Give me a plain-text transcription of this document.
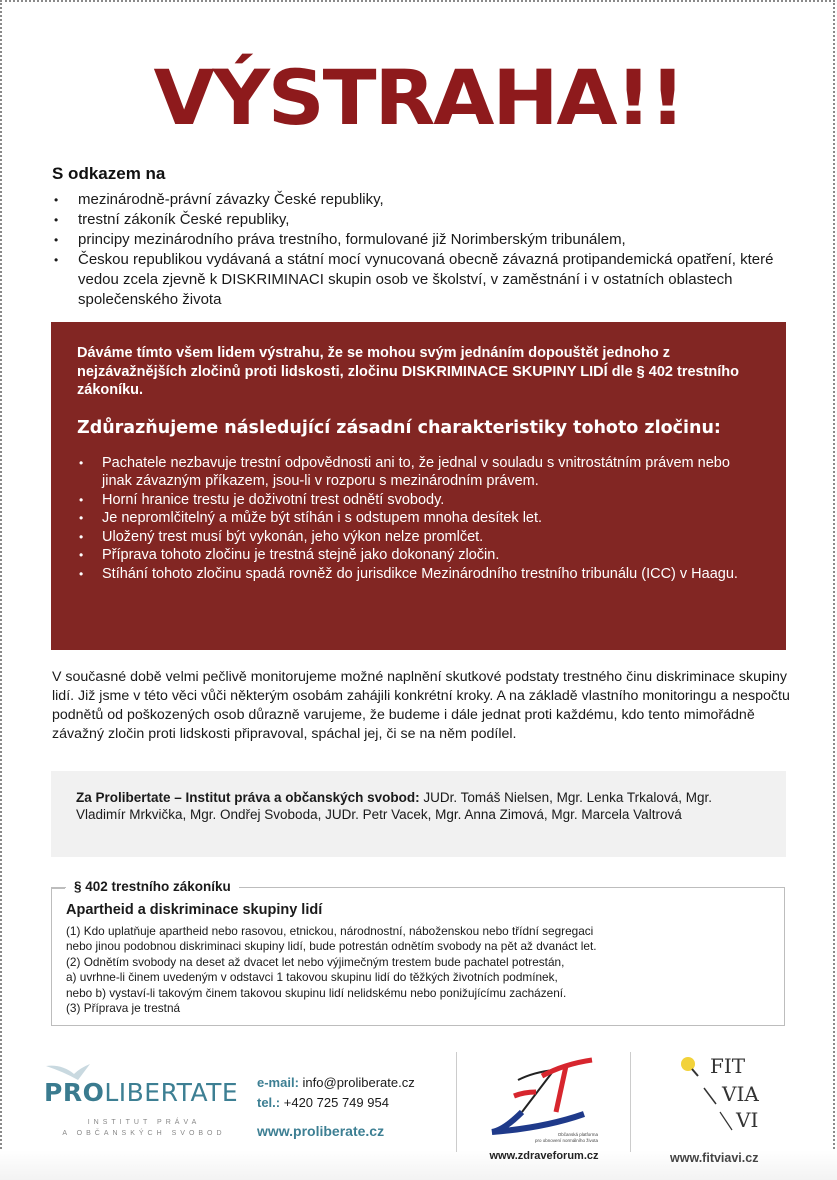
VÝSTRAHA!!
S odkazem na
• mezinárodně-právní závazky České republiky,
• trestní zákoník České republiky,
• principy mezinárodního práva trestního, formulované již Norimberským tribunálem,
• Českou republikou vydávaná a státní mocí vynucovaná obecně závazná protipandemická opatření, které vedou zcela zjevně k DISKRIMINACI skupin osob ve školství, v zaměstnání i v ostatních oblastech společenského života

Dáváme tímto všem lidem výstrahu, že se mohou svým jednáním dopouštět jednoho z nejzávažnějších zločinů proti lidskosti, zločinu DISKRIMINACE SKUPINY LIDÍ dle § 402 trestního zákoníku.

Zdůrazňujeme následující zásadní charakteristiky tohoto zločinu:
• Pachatele nezbavuje trestní odpovědnosti ani to, že jednal v souladu s vnitrostátním právem nebo jinak závazným příkazem, jsou-li v rozporu s mezinárodním právem.
• Horní hranice trestu je doživotní trest odnětí svobody.
• Je nepromlčitelný a může být stíhán i s odstupem mnoha desítek let.
• Uložený trest musí být vykonán, jeho výkon nelze promlčet.
• Příprava tohoto zločinu je trestná stejně jako dokonaný zločin.
• Stíhání tohoto zločinu spadá rovněž do jurisdikce Mezinárodního trestního tribunálu (ICC) v Haagu.

V současné době velmi pečlivě monitorujeme možné naplnění skutkové podstaty trestného činu diskriminace skupiny lidí. Již jsme v této věci vůči některým osobám zahájili konkrétní kroky. A na základě vlastního monitoringu a nespočtu podnětů od poškozených osob důrazně varujeme, že budeme i dále jednat proti každému, kdo tento mimořádně závažný zločin proti lidskosti připravoval, spáchal jej, či se na něm podílel.

Za Prolibertate – Institut práva a občanských svobod: JUDr. Tomáš Nielsen, Mgr. Lenka Trkalová, Mgr. Vladimír Mrkvička, Mgr. Ondřej Svoboda, JUDr. Petr Vacek, Mgr. Anna Zimová, Mgr. Marcela Valtrová
§ 402 trestního zákoníku
Apartheid a diskriminace skupiny lidí

(1) Kdo uplatňuje apartheid nebo rasovou, etnickou, národnostní, náboženskou nebo třídní segregaci

nebo jinou podobnou diskriminaci skupiny lidí, bude potrestán odnětím svobody na pět až dvanáct let.

(2) Odnětím svobody na deset až dvacet let nebo výjimečným trestem bude pachatel potrestán,

a) uvrhne-li činem uvedeným v odstavci 1 takovou skupinu lidí do těžkých životních podmínek,

nebo b) vystaví-li takovým činem takovou skupinu lidí nelidskému nebo ponižujícímu zacházení.

(3) Příprava je trestná

PROLIBERTATE
INSTITUT PRÁVA
A OBČANSKÝCH SVOBOD
e-mail: info@proliberate.cz
tel.: +420 725 749 954
www.proliberate.cz	Občanská platforma
pro obnovení normálního života
www.zdraveforum.cz
FIT
VIA
VI
www.fitviavi.cz
